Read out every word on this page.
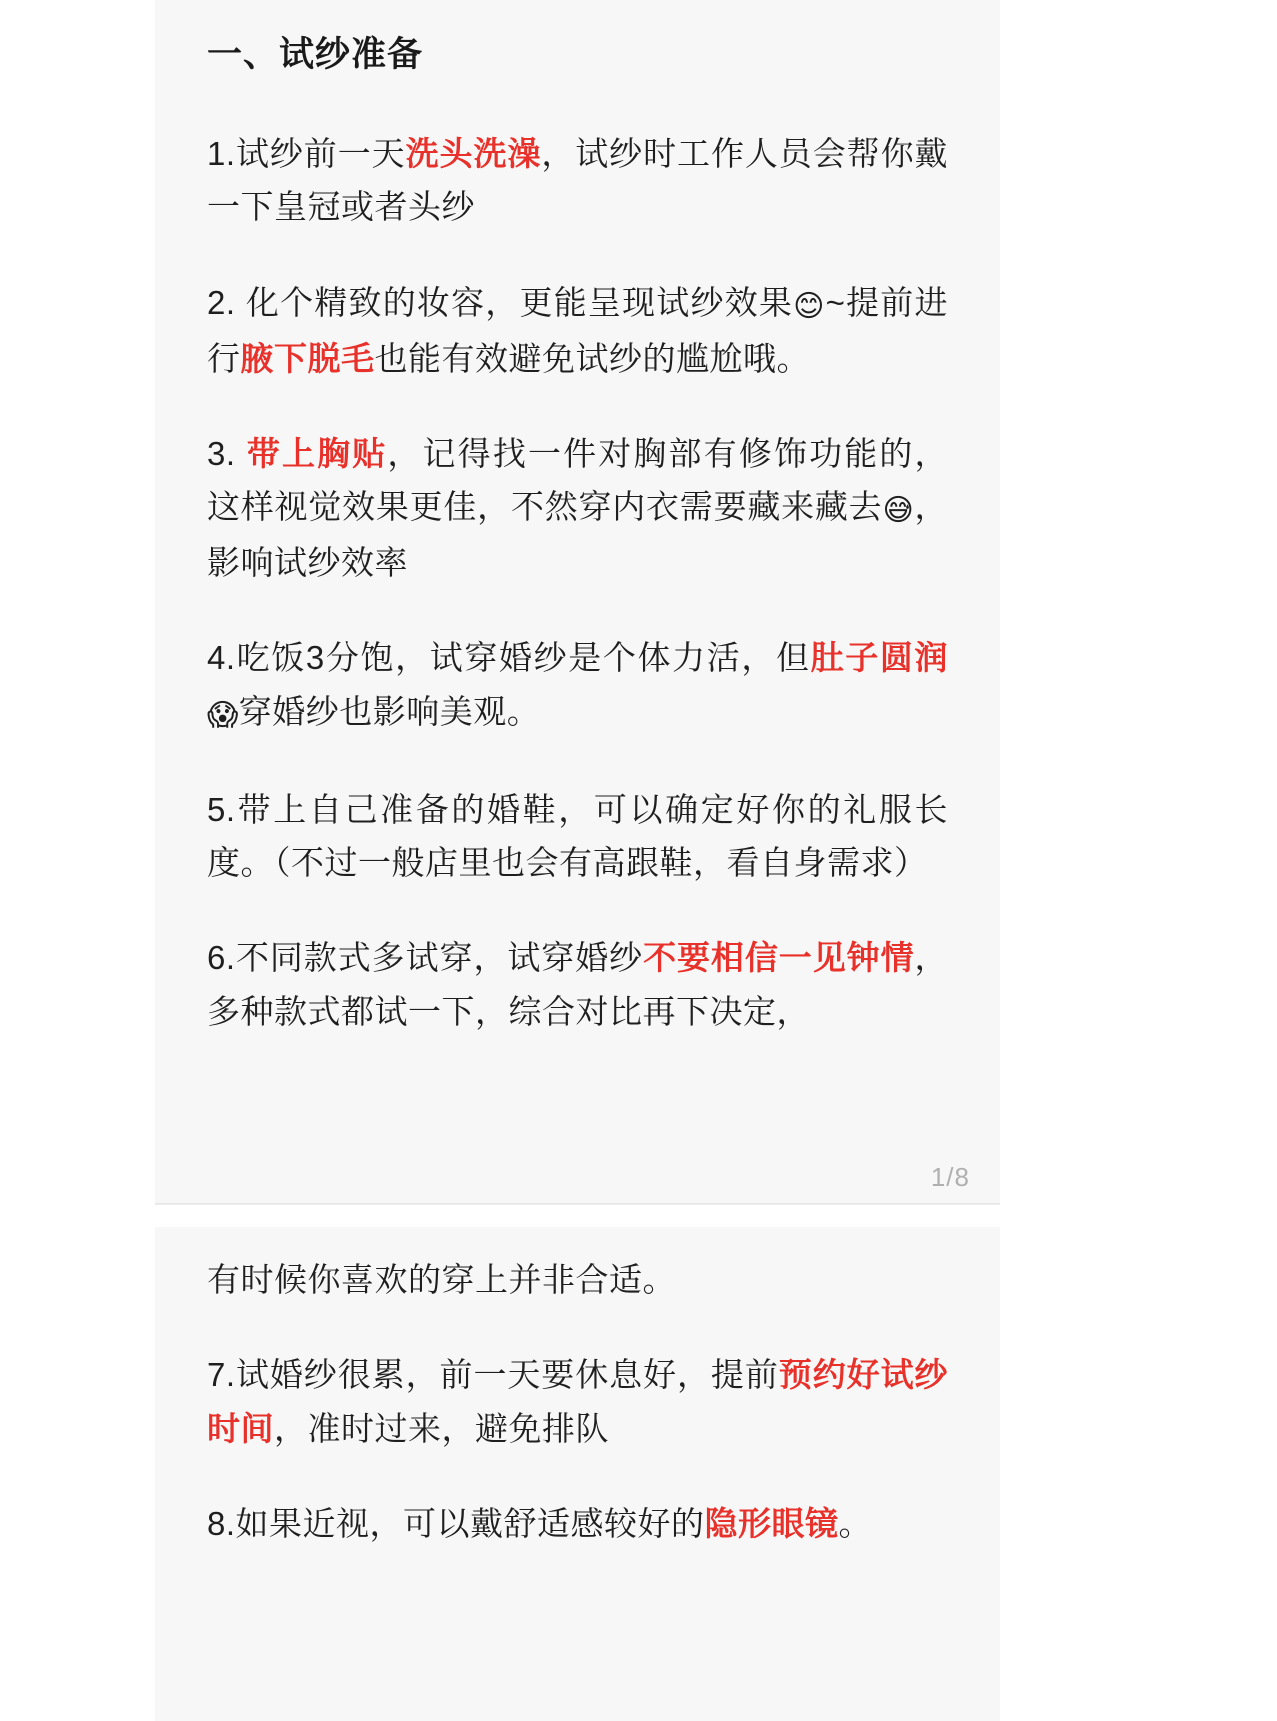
一、试纱准备
1.试纱前一天洗头洗澡，试纱时工作人员会帮你戴一下皇冠或者头纱
2. 化个精致的妆容，更能呈现试纱效果😊~提前进行腋下脱毛也能有效避免试纱的尴尬哦。
3. 带上胸贴，记得找一件对胸部有修饰功能的，这样视觉效果更佳，不然穿内衣需要藏来藏去😅，影响试纱效率
4.吃饭3分饱，试穿婚纱是个体力活，但肚子圆润😱穿婚纱也影响美观。
5.带上自己准备的婚鞋，可以确定好你的礼服长度。（不过一般店里也会有高跟鞋，看自身需求）
6.不同款式多试穿，试穿婚纱不要相信一见钟情，多种款式都试一下，综合对比再下决定，
1/8
有时候你喜欢的穿上并非合适。
7.试婚纱很累，前一天要休息好，提前预约好试纱时间，准时过来，避免排队
8.如果近视，可以戴舒适感较好的隐形眼镜。
